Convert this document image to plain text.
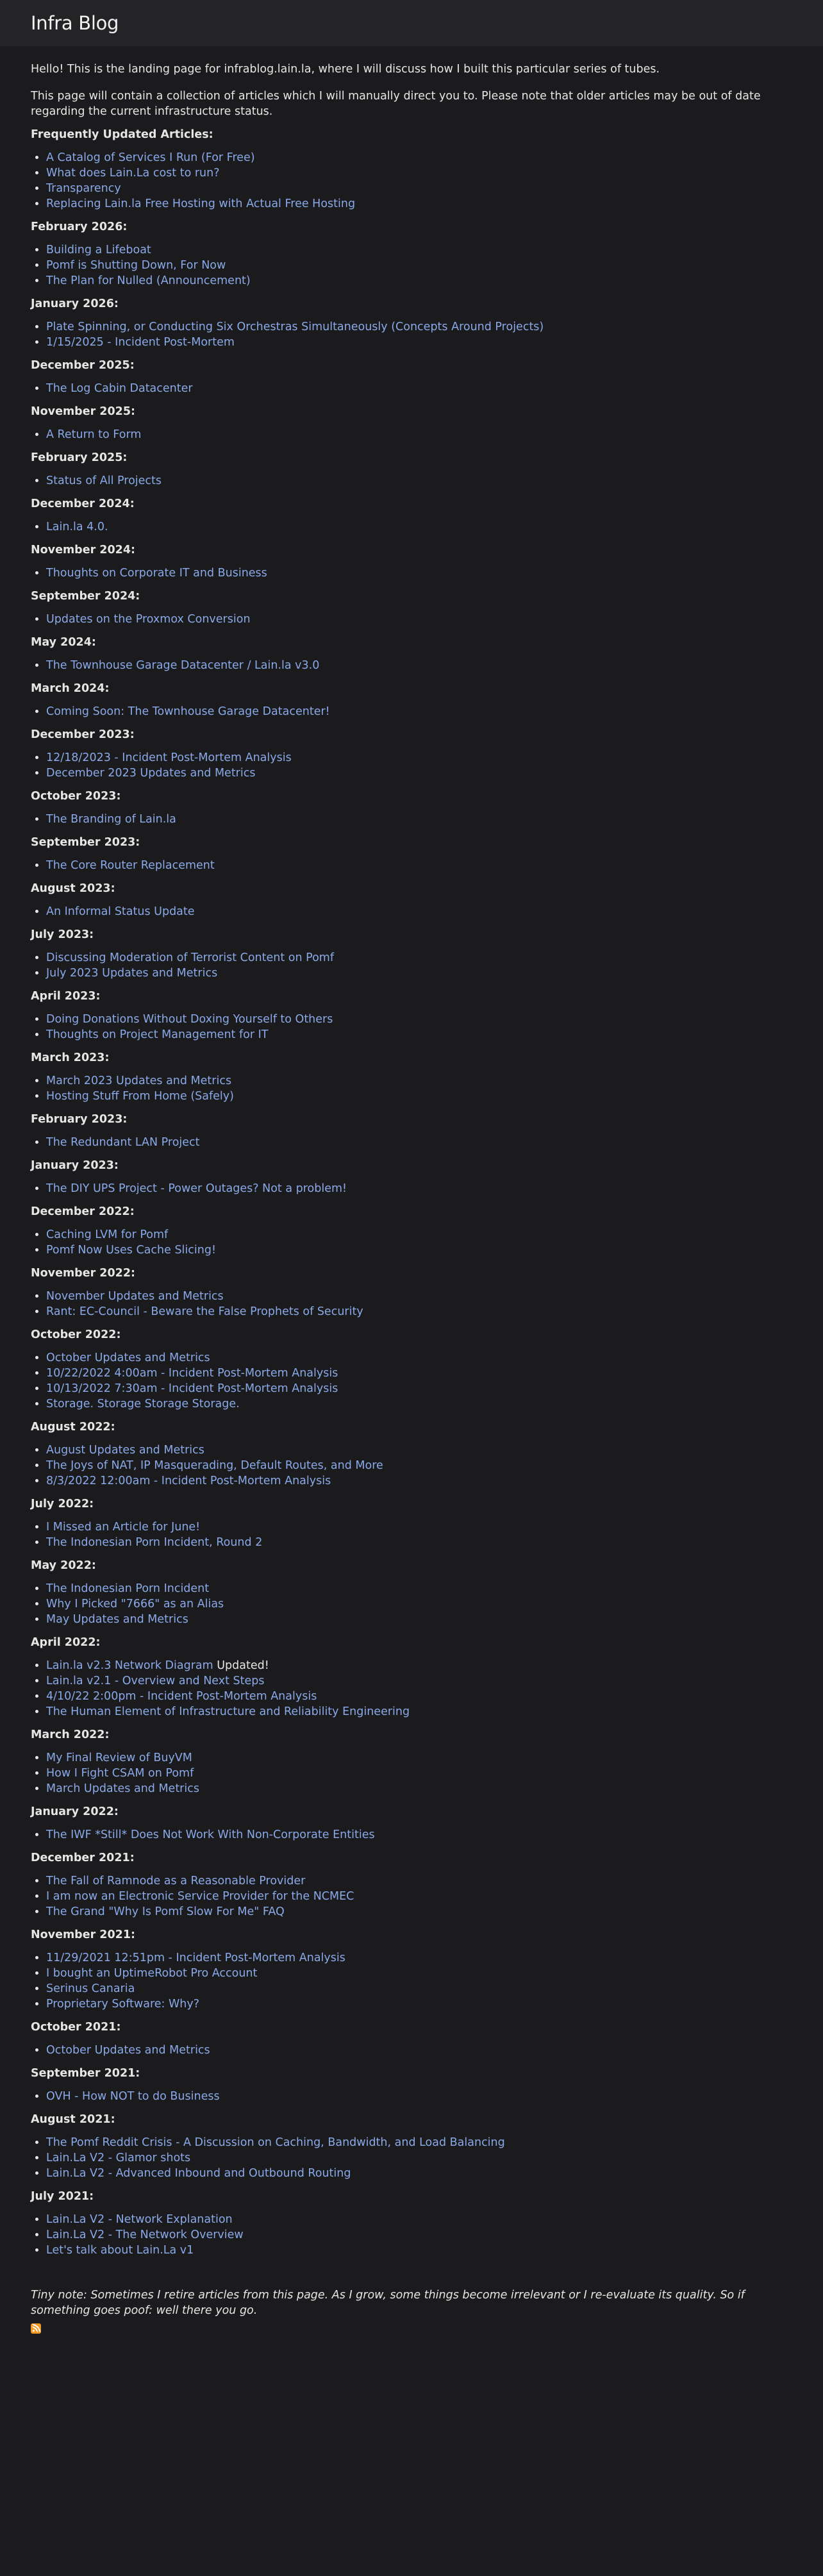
Infra Blog

Hello! This is the landing page for infrablog.lain.la, where I will discuss how I built this particular series of tubes.

This page will contain a collection of articles which I will manually direct you to. Please note that older articles may be out of date regarding the current infrastructure status.

Frequently Updated Articles:

• A Catalog of Services I Run (For Free)
• What does Lain.La cost to run?
• Transparency
• Replacing Lain.la Free Hosting with Actual Free Hosting

February 2026:

• Building a Lifeboat
• Pomf is Shutting Down, For Now
• The Plan for Nulled (Announcement)

January 2026:

• Plate Spinning, or Conducting Six Orchestras Simultaneously (Concepts Around Projects)
• 1/15/2025 - Incident Post-Mortem

December 2025:

• The Log Cabin Datacenter

November 2025:

• A Return to Form

February 2025:

• Status of All Projects

December 2024:

• Lain.la 4.0.

November 2024:

• Thoughts on Corporate IT and Business

September 2024:

• Updates on the Proxmox Conversion

May 2024:

• The Townhouse Garage Datacenter / Lain.la v3.0

March 2024:

• Coming Soon: The Townhouse Garage Datacenter!

December 2023:

• 12/18/2023 - Incident Post-Mortem Analysis
• December 2023 Updates and Metrics

October 2023:

• The Branding of Lain.la

September 2023:

• The Core Router Replacement

August 2023:

• An Informal Status Update

July 2023:

• Discussing Moderation of Terrorist Content on Pomf
• July 2023 Updates and Metrics

April 2023:

• Doing Donations Without Doxing Yourself to Others
• Thoughts on Project Management for IT

March 2023:

• March 2023 Updates and Metrics
• Hosting Stuff From Home (Safely)

February 2023:

• The Redundant LAN Project

January 2023:

• The DIY UPS Project - Power Outages? Not a problem!

December 2022:

• Caching LVM for Pomf
• Pomf Now Uses Cache Slicing!

November 2022:

• November Updates and Metrics
• Rant: EC-Council - Beware the False Prophets of Security

October 2022:

• October Updates and Metrics
• 10/22/2022 4:00am - Incident Post-Mortem Analysis
• 10/13/2022 7:30am - Incident Post-Mortem Analysis
• Storage. Storage Storage Storage.

August 2022:

• August Updates and Metrics
• The Joys of NAT, IP Masquerading, Default Routes, and More
• 8/3/2022 12:00am - Incident Post-Mortem Analysis

July 2022:

• I Missed an Article for June!
• The Indonesian Porn Incident, Round 2

May 2022:

• The Indonesian Porn Incident
• Why I Picked "7666" as an Alias
• May Updates and Metrics

April 2022:

• Lain.la v2.3 Network Diagram Updated!
• Lain.la v2.1 - Overview and Next Steps
• 4/10/22 2:00pm - Incident Post-Mortem Analysis
• The Human Element of Infrastructure and Reliability Engineering

March 2022:

• My Final Review of BuyVM
• How I Fight CSAM on Pomf
• March Updates and Metrics

January 2022:

• The IWF *Still* Does Not Work With Non-Corporate Entities

December 2021:

• The Fall of Ramnode as a Reasonable Provider
• I am now an Electronic Service Provider for the NCMEC
• The Grand "Why Is Pomf Slow For Me" FAQ

November 2021:

• 11/29/2021 12:51pm - Incident Post-Mortem Analysis
• I bought an UptimeRobot Pro Account
• Serinus Canaria
• Proprietary Software: Why?

October 2021:

• October Updates and Metrics

September 2021:

• OVH - How NOT to do Business

August 2021:

• The Pomf Reddit Crisis - A Discussion on Caching, Bandwidth, and Load Balancing
• Lain.La V2 - Glamor shots
• Lain.La V2 - Advanced Inbound and Outbound Routing

July 2021:

• Lain.La V2 - Network Explanation
• Lain.La V2 - The Network Overview
• Let's talk about Lain.La v1

Tiny note: Sometimes I retire articles from this page. As I grow, some things become irrelevant or I re-evaluate its quality. So if something goes poof: well there you go.
